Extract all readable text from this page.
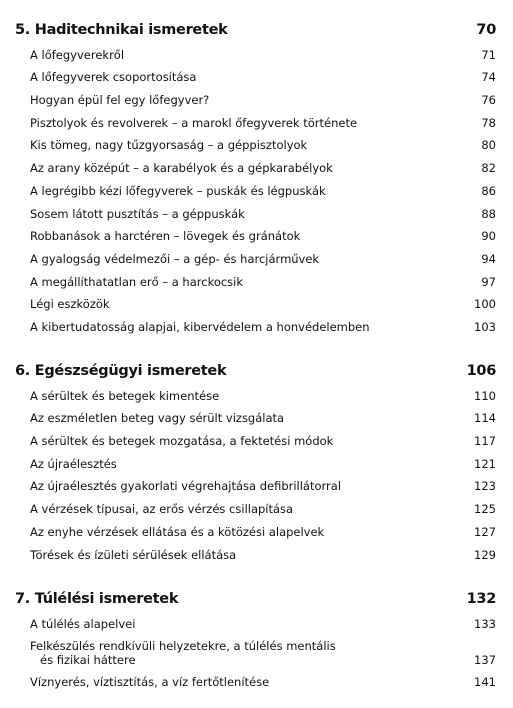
5. Haditechnikai ismeretek	70
A lőfegyverekről	71
A lőfegyverek csoportosítása	74
Hogyan épül fel egy lőfegyver?	76
Pisztolyok és revolverek – a marokl őfegyverek története	78
Kis tömeg, nagy tűzgyorsaság – a géppisztolyok	80
Az arany középút – a karabélyok és a gépkarabélyok	82
A legrégibb kézi lőfegyverek – puskák és légpuskák	86
Sosem látott pusztítás – a géppuskák	88
Robbanások a harctéren – lövegek és gránátok	90
A gyalogság védelmezői – a gép- és harcjárművek	94
A megállíthatatlan erő – a harckocsik	97
Légi eszközök	100
A kibertudatosság alapjai, kibervédelem a honvédelemben	103
6. Egészségügyi ismeretek	106
A sérültek és betegek kimentése	110
Az eszméletlen beteg vagy sérült vizsgálata	114
A sérültek és betegek mozgatása, a fektetési módok	117
Az újraélesztés	121
Az újraélesztés gyakorlati végrehajtása defibrillátorral	123
A vérzések típusai, az erős vérzés csillapítása	125
Az enyhe vérzések ellátása és a kötözési alapelvek	127
Törések és ízületi sérülések ellátása	129
7. Túlélési ismeretek	132
A túlélés alapelvei	133
Felkészülés rendkívüli helyzetekre, a túlélés mentális
és fizikai háttere	137
Víznyerés, víztisztítás, a víz fertőtlenítése	141
